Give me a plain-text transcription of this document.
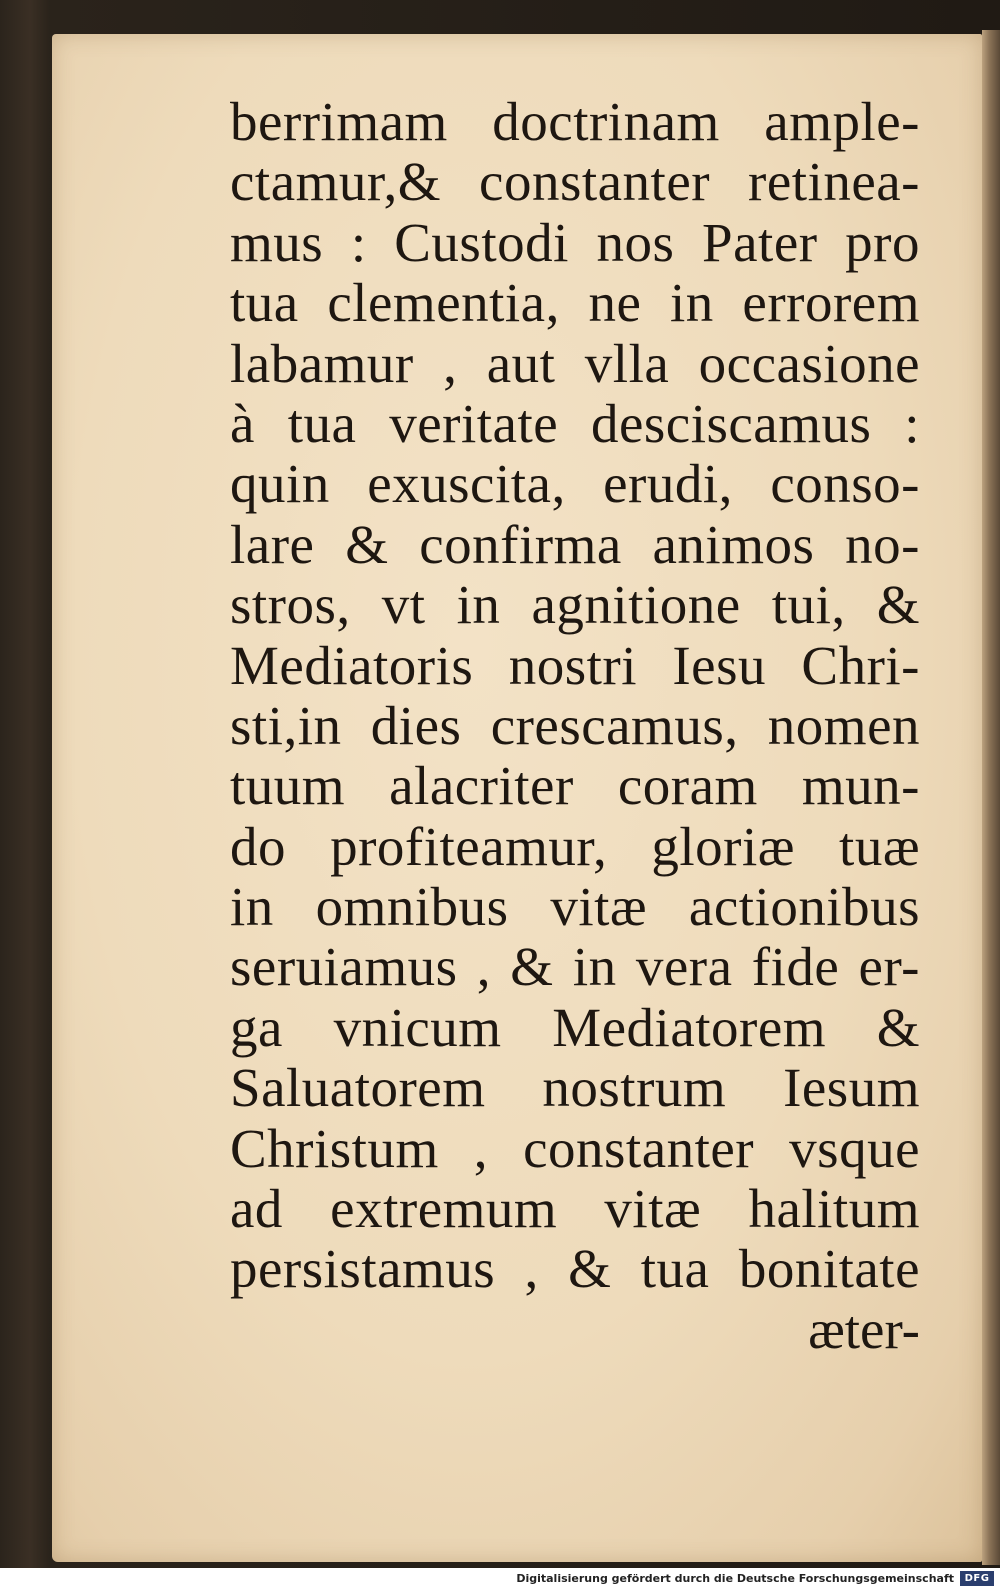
berrimam doctrinam ample-
ctamur,& constanter retinea-
mus : Custodi nos Pater pro
tua clementia, ne in errorem
labamur , aut vlla occasione
à tua veritate desciscamus :
quin exuscita, erudi, conso-
lare & confirma animos no-
stros, vt in agnitione tui, &
Mediatoris nostri Iesu Chri-
sti,in dies crescamus, nomen
tuum alacriter coram mun-
do profiteamur, gloriæ tuæ
in omnibus vitæ actionibus
seruiamus , & in vera fide er-
ga vnicum Mediatorem &
Saluatorem nostrum Iesum
Christum , constanter vsque
ad extremum vitæ halitum
persistamus , & tua bonitate
æter-
Digitalisierung gefördert durch die Deutsche Forschungsgemeinschaft	DFG
